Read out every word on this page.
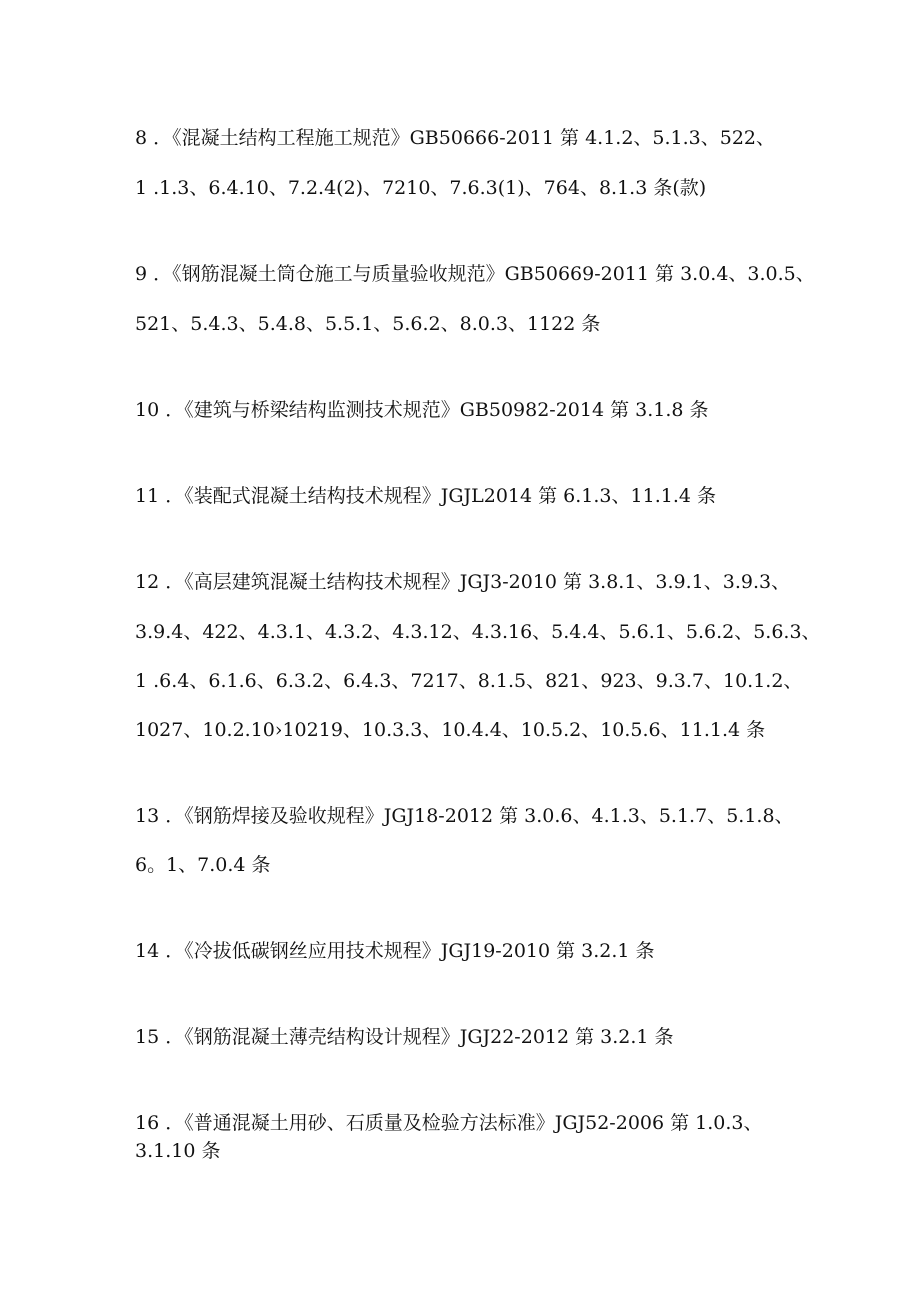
8 ．《混凝土结构工程施工规范》GB50666-2011 第 4.1.2、5.1.3、522、
1 .1.3、6.4.10、7.2.4(2)、7210、7.6.3(1)、764、8.1.3 条(款)
9 ．《钢筋混凝土筒仓施工与质量验收规范》GB50669-2011 第 3.0.4、3.0.5、
521、5.4.3、5.4.8、5.5.1、5.6.2、8.0.3、1122 条
10 ．《建筑与桥梁结构监测技术规范》GB50982-2014 第 3.1.8 条
11 ．《装配式混凝土结构技术规程》JGJL2014 第 6.1.3、11.1.4 条
12 ．《高层建筑混凝土结构技术规程》JGJ3-2010 第 3.8.1、3.9.1、3.9.3、
3.9.4、422、4.3.1、4.3.2、4.3.12、4.3.16、5.4.4、5.6.1、5.6.2、5.6.3、
1 .6.4、6.1.6、6.3.2、6.4.3、7217、8.1.5、821、923、9.3.7、10.1.2、
1027、10.2.10›10219、10.3.3、10.4.4、10.5.2、10.5.6、11.1.4 条
13 ．《钢筋焊接及验收规程》JGJ18-2012 第 3.0.6、4.1.3、5.1.7、5.1.8、
6。1、7.0.4 条
14 ．《冷拔低碳钢丝应用技术规程》JGJ19-2010 第 3.2.1 条
15 ．《钢筋混凝土薄壳结构设计规程》JGJ22-2012 第 3.2.1 条
16 ．《普通混凝土用砂、石质量及检验方法标准》JGJ52-2006 第 1.0.3、
3.1.10 条
